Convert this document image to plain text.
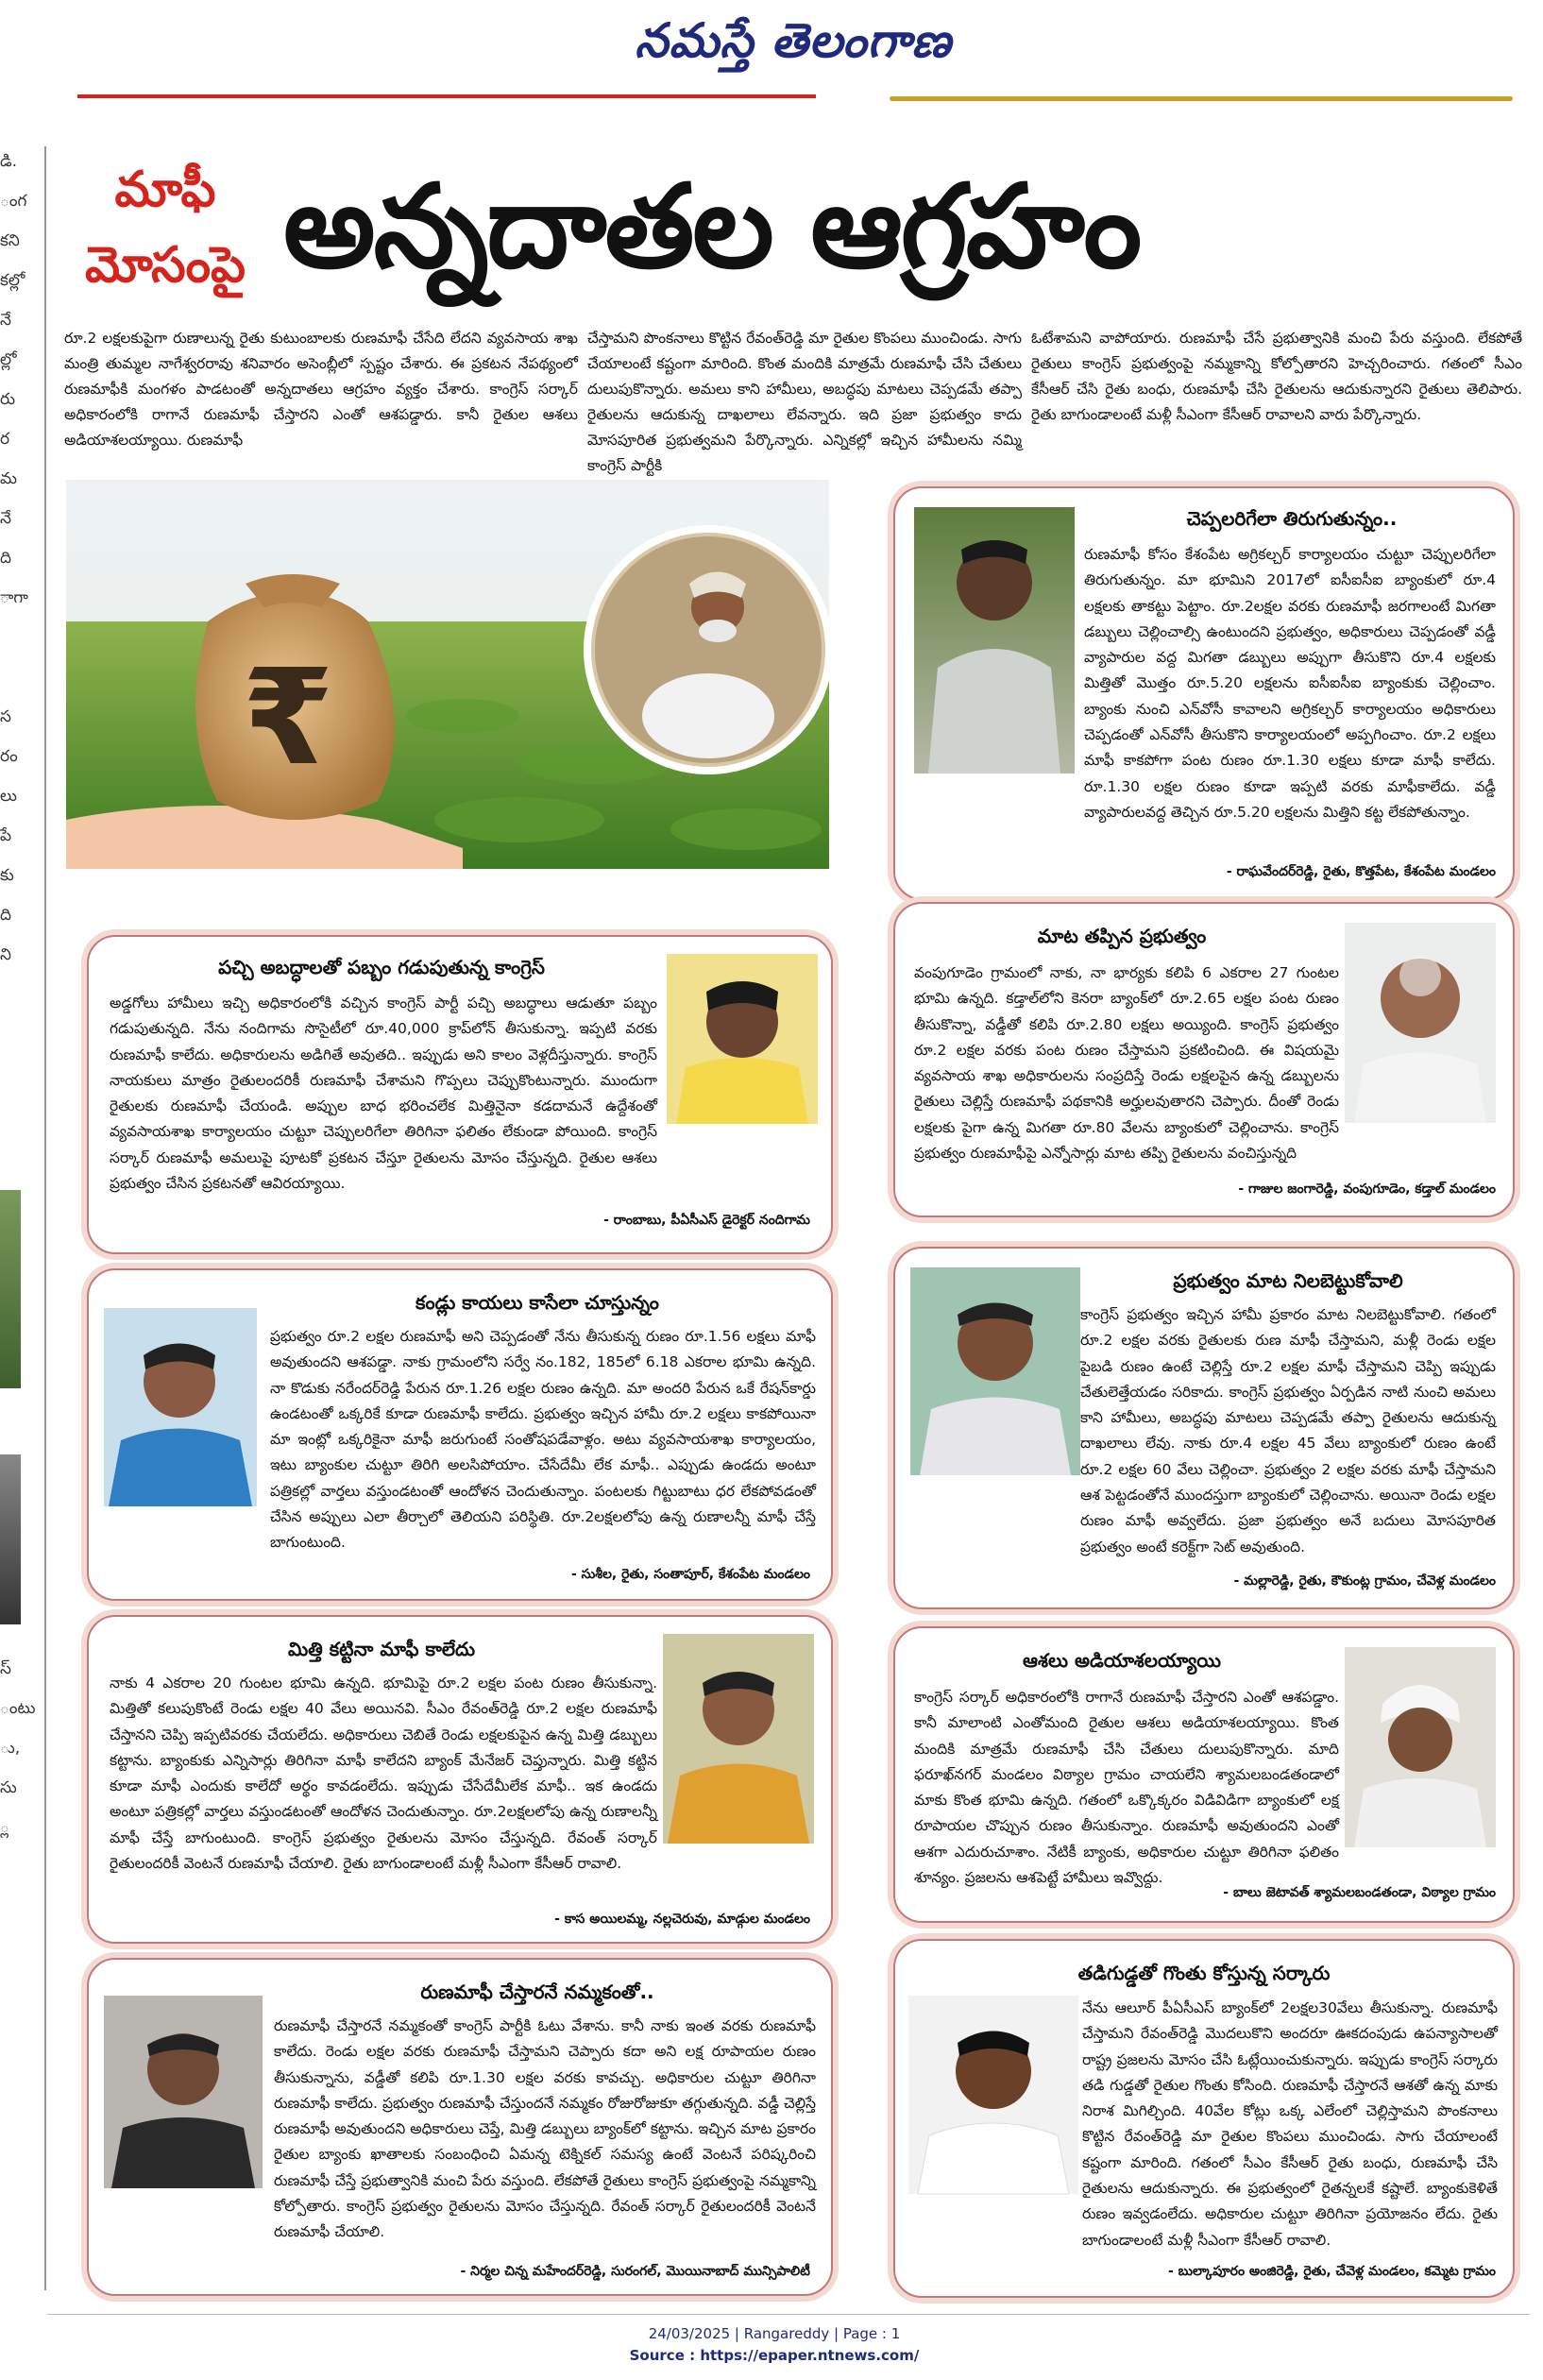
నమస్తే తెలంగాణ
డి.
ంగ
కని
కల్లో
నే
ల్లో
రు
ర
మ
నే
ది
ాగా

స
రం
లు
పే
కు
ది
ని

స్
ంటు
ు,
సు
్ల

మాఫీ
మోసంపై అన్నదాతల ఆగ్రహం
రూ.2 లక్షలకుపైగా రుణాలున్న రైతు కుటుంబాలకు రుణమాఫీ చేసేది లేదని వ్యవసాయ శాఖ మంత్రి తుమ్మల నాగేశ్వరరావు శనివారం అసెంబ్లీలో స్పష్టం చేశారు. ఈ ప్రకటన నేపథ్యంలో రుణమాఫీకి మంగళం పాడటంతో అన్నదాతలు ఆగ్రహం వ్యక్తం చేశారు. కాంగ్రెస్‌ సర్కార్‌ అధికారంలోకి రాగానే రుణమాఫీ చేస్తారని ఎంతో ఆశపడ్డారు. కానీ రైతుల ఆశలు అడియాశలయ్యాయి. రుణమాఫీ
చేస్తామని పొంకనాలు కొట్టిన రేవంత్‌రెడ్డి మా రైతుల కొంపలు ముంచిండు. సాగు చేయాలంటే కష్టంగా మారింది. కొంత మందికి మాత్రమే రుణమాఫీ చేసి చేతులు దులుపుకొన్నారు. అమలు కాని హామీలు, అబద్ధపు మాటలు చెప్పడమే తప్పా రైతులను ఆదుకున్న దాఖలాలు లేవన్నారు. ఇది ప్రజా ప్రభుత్వం కాదు మోసపూరిత ప్రభుత్వమని పేర్కొన్నారు. ఎన్నికల్లో ఇచ్చిన హామీలను నమ్మి కాంగ్రెస్‌ పార్టీకి
ఓటేశామని వాపోయారు. రుణమాఫీ చేసే ప్రభుత్వానికి మంచి పేరు వస్తుంది. లేకపోతే రైతులు కాంగ్రెస్‌ ప్రభుత్వంపై నమ్మకాన్ని కోల్పోతారని హెచ్చరించారు. గతంలో సీఎం కేసీఆర్‌ చేసి రైతు బంధు, రుణమాఫీ చేసి రైతులను ఆదుకున్నారని రైతులు తెలిపారు. రైతు బాగుండాలంటే మళ్లీ సీఎంగా కేసీఆర్‌ రావాలని వారు పేర్కొన్నారు.
₹
చెప్పలరిగేలా తిరుగుతున్నం..
రుణమాఫీ కోసం కేశంపేట అగ్రికల్చర్‌ కార్యాలయం చుట్టూ చెప్పులరిగేలా తిరుగుతున్నం. మా భూమిని 2017లో ఐసీఐసీఐ బ్యాంకులో రూ.4 లక్షలకు తాకట్టు పెట్టాం. రూ.2లక్షల వరకు రుణమాఫీ జరగాలంటే మిగతా డబ్బులు చెల్లించాల్సి ఉంటుందని ప్రభుత్వం, అధికారులు చెప్పడంతో వడ్డీ వ్యాపారుల వద్ద మిగతా డబ్బులు అప్పుగా తీసుకొని రూ.4 లక్షలకు మిత్తితో మొత్తం రూ.5.20 లక్షలను ఐసీఐసీఐ బ్యాంకుకు చెల్లించాం. బ్యాంకు నుంచి ఎన్‌వోసీ కావాలని అగ్రికల్చర్‌ కార్యాలయం అధికారులు చెప్పడంతో ఎన్‌వోసీ తీసుకొని కార్యాలయంలో అప్పగించాం. రూ.2 లక్షలు మాఫీ కాకపోగా పంట రుణం రూ.1.30 లక్షలు కూడా మాఫీ కాలేదు. రూ.1.30 లక్షల రుణం కూడా ఇప్పటి వరకు మాఫీకాలేదు. వడ్డీ వ్యాపారులవద్ద తెచ్చిన రూ.5.20 లక్షలను మిత్తిని కట్ట లేకపోతున్నాం.
- రాఘవేందర్‌రెడ్డి, రైతు, కొత్తపేట, కేశంపేట మండలం
పచ్చి అబద్ధాలతో పబ్బం గడుపుతున్న కాంగ్రెస్‌
అడ్డగోలు హామీలు ఇచ్చి అధికారంలోకి వచ్చిన కాంగ్రెస్‌ పార్టీ పచ్చి అబద్ధాలు ఆడుతూ పబ్బం గడుపుతున్నది. నేను నందిగామ సొసైటీలో రూ.40,000 క్రాప్‌లోన్‌ తీసుకున్నా. ఇప్పటి వరకు రుణమాఫీ కాలేదు. అధికారులను అడిగితే అవుతది.. ఇప్పుడు అని కాలం వెళ్లదీస్తున్నారు. కాంగ్రెస్‌ నాయకులు మాత్రం రైతులందరికీ రుణమాఫీ చేశామని గొప్పలు చెప్పుకొంటున్నారు. ముందుగా రైతులకు రుణమాఫీ చేయండి. అప్పుల బాధ భరించలేక మిత్తినైనా కడదామనే ఉద్దేశంతో వ్యవసాయశాఖ కార్యాలయం చుట్టూ చెప్పులరిగేలా తిరిగినా ఫలితం లేకుండా పోయింది. కాంగ్రెస్‌ సర్కార్‌ రుణమాఫీ అమలుపై పూటకో ప్రకటన చేస్తూ రైతులను మోసం చేస్తున్నది. రైతుల ఆశలు ప్రభుత్వం చేసిన ప్రకటనతో ఆవిరయ్యాయి.
- రాంబాబు, పీఏసీఎస్‌ డైరెక్టర్‌ నందిగామ
మాట తప్పిన ప్రభుత్వం
వంపుగూడెం గ్రామంలో నాకు, నా భార్యకు కలిపి 6 ఎకరాల 27 గుంటల భూమి ఉన్నది. కడ్తాల్‌లోని కెనరా బ్యాంక్‌లో రూ.2.65 లక్షల పంట రుణం తీసుకొన్నా, వడ్డీతో కలిపి రూ.2.80 లక్షలు అయ్యింది. కాంగ్రెస్‌ ప్రభుత్వం రూ.2 లక్షల వరకు పంట రుణం చేస్తామని ప్రకటించింది. ఈ విషయమై వ్యవసాయ శాఖ అధికారులను సంప్రదిస్తే రెండు లక్షలపైన ఉన్న డబ్బులను రైతులు చెల్లిస్తే రుణమాఫీ పథకానికి అర్హులవుతారని చెప్పారు. దీంతో రెండు లక్షలకు పైగా ఉన్న మిగతా రూ.80 వేలను బ్యాంకులో చెల్లించాను. కాంగ్రెస్‌ ప్రభుత్వం రుణమాఫీపై ఎన్నోసార్లు మాట తప్పి రైతులను వంచిస్తున్నది
- గాజుల జంగారెడ్డి, వంపుగూడెం, కడ్తాల్‌ మండలం
కండ్లు కాయలు కాసేలా చూస్తున్నం
ప్రభుత్వం రూ.2 లక్షల రుణమాఫీ అని చెప్పడంతో నేను తీసుకున్న రుణం రూ.1.56 లక్షలు మాఫీ అవుతుందని ఆశపడ్డా. నాకు గ్రామంలోని సర్వే నం.182, 185లో 6.18 ఎకరాల భూమి ఉన్నది. నా కొడుకు నరేందర్‌రెడ్డి పేరున రూ.1.26 లక్షల రుణం ఉన్నది. మా అందరి పేరున ఒకే రేషన్‌కార్డు ఉండటంతో ఒక్కరికే కూడా రుణమాఫీ కాలేదు. ప్రభుత్వం ఇచ్చిన హామీ రూ.2 లక్షలు కాకపోయినా మా ఇంట్లో ఒక్కరికైనా మాఫీ జరుగుంటే సంతోషపడేవాళ్లం. అటు వ్యవసాయశాఖ కార్యాలయం, ఇటు బ్యాంకుల చుట్టూ తిరిగి అలసిపోయాం. చేసేదేమీ లేక మాఫీ.. ఎప్పుడు ఉండదు అంటూ పత్రికల్లో వార్తలు వస్తుండటంతో ఆందోళన చెందుతున్నాం. పంటలకు గిట్టుబాటు ధర లేకపోవడంతో చేసిన అప్పులు ఎలా తీర్చాలో తెలియని పరిస్థితి. రూ.2లక్షలలోపు ఉన్న రుణాలన్నీ మాఫీ చేస్తే బాగుంటుంది.
- సుశీల, రైతు, సంతాపూర్‌, కేశంపేట మండలం
ప్రభుత్వం మాట నిలబెట్టుకోవాలి
కాంగ్రెస్‌ ప్రభుత్వం ఇచ్చిన హామీ ప్రకారం మాట నిలబెట్టుకోవాలి. గతంలో రూ.2 లక్షల వరకు రైతులకు రుణ మాఫీ చేస్తామని, మళ్లీ రెండు లక్షల పైబడి రుణం ఉంటే చెల్లిస్తే రూ.2 లక్షల మాఫీ చేస్తామని చెప్పి ఇప్పుడు చేతులెత్తేయడం సరికాదు. కాంగ్రెస్‌ ప్రభుత్వం ఏర్పడిన నాటి నుంచి అమలు కాని హామీలు, అబద్ధపు మాటలు చెప్పడమే తప్పా రైతులను ఆదుకున్న దాఖలాలు లేవు. నాకు రూ.4 లక్షల 45 వేలు బ్యాంకులో రుణం ఉంటే రూ.2 లక్షల 60 వేలు చెల్లించా. ప్రభుత్వం 2 లక్షల వరకు మాఫీ చేస్తామని ఆశ పెట్టడంతోనే ముందస్తుగా బ్యాంకులో చెల్లించాను. అయినా రెండు లక్షల రుణం మాఫీ అవ్వలేదు. ప్రజా ప్రభుత్వం అనే బదులు మోసపూరిత ప్రభుత్వం అంటే కరెక్ట్‌గా సెట్‌ అవుతుంది.
- మల్లారెడ్డి, రైతు, కౌకుంట్ల గ్రామం, చేవెళ్ల మండలం
మిత్తి కట్టినా మాఫీ కాలేదు
నాకు 4 ఎకరాల 20 గుంటల భూమి ఉన్నది. భూమిపై రూ.2 లక్షల పంట రుణం తీసుకున్నా. మిత్తితో కలుపుకొంటే రెండు లక్షల 40 వేలు అయినవి. సీఎం రేవంత్‌రెడ్డి రూ.2 లక్షల రుణమాఫీ చేస్తానని చెప్పి ఇప్పటివరకు చేయలేదు. అధికారులు చెబితే రెండు లక్షలకుపైన ఉన్న మిత్తి డబ్బులు కట్టాను. బ్యాంకుకు ఎన్నిసార్లు తిరిగినా మాఫీ కాలేదని బ్యాంక్‌ మేనేజర్‌ చెప్తున్నారు. మిత్తి కట్టిన కూడా మాఫీ ఎందుకు కాలేదో అర్థం కావడంలేదు. ఇప్పుడు చేసేదేమీలేక మాఫీ.. ఇక ఉండదు అంటూ పత్రికల్లో వార్తలు వస్తుండటంతో ఆందోళన చెందుతున్నాం. రూ.2లక్షలలోపు ఉన్న రుణాలన్నీ మాఫీ చేస్తే బాగుంటుంది. కాంగ్రెస్‌ ప్రభుత్వం రైతులను మోసం చేస్తున్నది. రేవంత్‌ సర్కార్‌ రైతులందరికీ వెంటనే రుణమాఫీ చేయాలి. రైతు బాగుండాలంటే మళ్లీ సీఎంగా కేసీఆర్‌ రావాలి.
- కాస అయిలమ్మ, నల్లచెరువు, మాడ్గుల మండలం
ఆశలు అడియాశలయ్యాయి
కాంగ్రెస్‌ సర్కార్‌ అధికారంలోకి రాగానే రుణమాఫీ చేస్తారని ఎంతో ఆశపడ్డాం. కానీ మాలాంటి ఎంతోమంది రైతుల ఆశలు అడియాశలయ్యాయి. కొంత మందికి మాత్రమే రుణమాఫీ చేసి చేతులు దులుపుకొన్నారు. మాది ఫరూఖ్‌నగర్‌ మండలం విఠ్యాల గ్రామం చాయలేని శ్యామలబండతండాలో మాకు కొంత భూమి ఉన్నది. గతంలో ఒక్కొక్కరం విడివిడిగా బ్యాంకులో లక్ష రూపాయల చొప్పున రుణం తీసుకున్నాం. రుణమాఫీ అవుతుందని ఎంతో ఆశగా ఎదురుచూశాం. నేటికీ బ్యాంకు, అధికారుల చుట్టూ తిరిగినా ఫలితం శూన్యం. ప్రజలను ఆశపెట్టే హామీలు ఇవ్వొద్దు.
- బాలు జెటావత్‌ శ్యామలబండతండా, విఠ్యాల గ్రామం
రుణమాఫీ చేస్తారనే నమ్మకంతో..
రుణమాఫీ చేస్తారనే నమ్మకంతో కాంగ్రెస్‌ పార్టీకి ఓటు వేశాను. కానీ నాకు ఇంత వరకు రుణమాఫీ కాలేదు. రెండు లక్షల వరకు రుణమాఫీ చేస్తామని చెప్పారు కదా అని లక్ష రూపాయల రుణం తీసుకున్నాను, వడ్డీతో కలిపి రూ.1.30 లక్షల వరకు కావచ్చు. అధికారుల చుట్టూ తిరిగినా రుణమాఫీ కాలేదు. ప్రభుత్వం రుణమాఫీ చేస్తుందనే నమ్మకం రోజురోజుకూ తగ్గుతున్నది. వడ్డీ చెల్లిస్తే రుణమాఫీ అవుతుందని అధికారులు చెప్తే, మిత్తి డబ్బులు బ్యాంక్‌లో కట్టాను. ఇచ్చిన మాట ప్రకారం రైతుల బ్యాంకు ఖాతాలకు సంబంధించి ఏమన్న టెక్నికల్‌ సమస్య ఉంటే వెంటనే పరిష్కరించి రుణమాఫీ చేస్తే ప్రభుత్వానికి మంచి పేరు వస్తుంది. లేకపోతే రైతులు కాంగ్రెస్‌ ప్రభుత్వంపై నమ్మకాన్ని కోల్పోతారు. కాంగ్రెస్‌ ప్రభుత్వం రైతులను మోసం చేస్తున్నది. రేవంత్‌ సర్కార్‌ రైతులందరికీ వెంటనే రుణమాఫీ చేయాలి.
- నిర్మల చిన్న మహేందర్‌రెడ్డి, సురంగల్‌, మొయినాబాద్‌ మున్సిపాలిటీ
తడిగుడ్డతో గొంతు కోస్తున్న సర్కారు
నేను ఆలూర్‌ పీఏసీఎస్‌ బ్యాంక్‌లో 2లక్షల30వేలు తీసుకున్నా. రుణమాఫీ చేస్తామని రేవంత్‌రెడ్డి మొదలుకొని అందరూ ఊకదంపుడు ఉపన్యాసాలతో రాష్ట్ర ప్రజలను మోసం చేసి ఓట్లేయించుకున్నారు. ఇప్పుడు కాంగ్రెస్‌ సర్కారు తడి గుడ్డతో రైతుల గొంతు కోసింది. రుణమాఫీ చేస్తారనే ఆశతో ఉన్న మాకు నిరాశ మిగిల్చింది. 40వేల కోట్లు ఒక్క ఎలేంలో చెల్లిస్తామని పొంకనాలు కొట్టిన రేవంత్‌రెడ్డి మా రైతుల కొంపలు ముంచిండు. సాగు చేయాలంటే కష్టంగా మారింది. గతంలో సీఎం కేసీఆర్‌ రైతు బంధు, రుణమాఫీ చేసి రైతులను ఆదుకున్నారు. ఈ ప్రభుత్వంలో రైతన్నలకే కష్టాలే. బ్యాంకుకెళితే రుణం ఇవ్వడంలేదు. అధికారుల చుట్టూ తిరిగినా ప్రయోజనం లేదు. రైతు బాగుండాలంటే మళ్లీ సీఎంగా కేసీఆర్‌ రావాలి.
- బుల్కాపూరం అంజిరెడ్డి, రైతు, చేవెళ్ల మండలం, కమ్మెట గ్రామం
24/03/2025 | Rangareddy | Page : 1
Source : https://epaper.ntnews.com/
